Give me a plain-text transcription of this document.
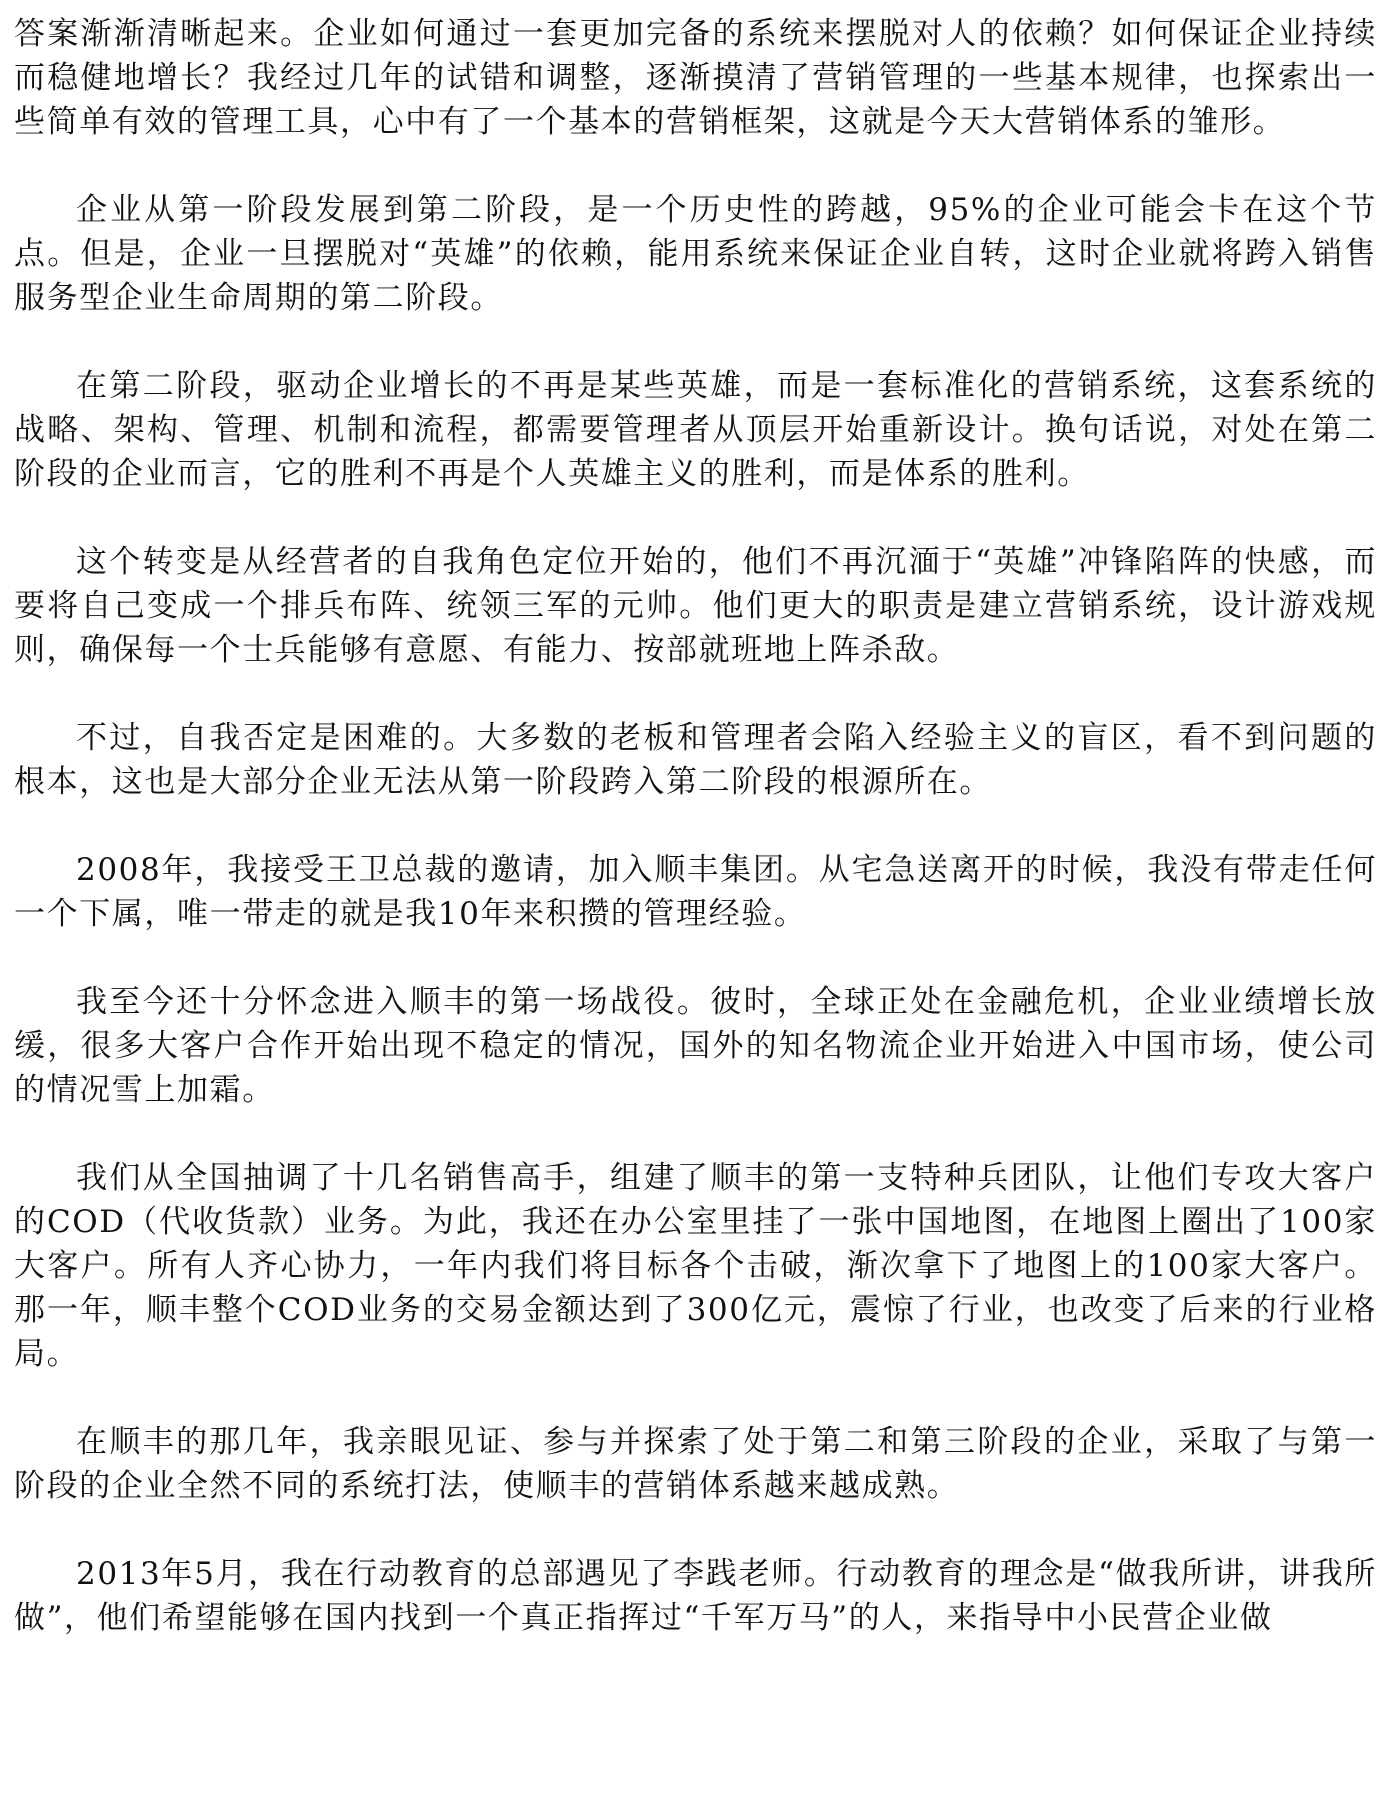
答案渐渐清晰起来。企业如何通过一套更加完备的系统来摆脱对人的依赖？如何保证企业持续而稳健地增长？我经过几年的试错和调整，逐渐摸清了营销管理的一些基本规律，也探索出一些简单有效的管理工具，心中有了一个基本的营销框架，这就是今天大营销体系的雏形。

企业从第一阶段发展到第二阶段，是一个历史性的跨越，95%的企业可能会卡在这个节点。但是，企业一旦摆脱对“英雄”的依赖，能用系统来保证企业自转，这时企业就将跨入销售服务型企业生命周期的第二阶段。

在第二阶段，驱动企业增长的不再是某些英雄，而是一套标准化的营销系统，这套系统的战略、架构、管理、机制和流程，都需要管理者从顶层开始重新设计。换句话说，对处在第二阶段的企业而言，它的胜利不再是个人英雄主义的胜利，而是体系的胜利。

这个转变是从经营者的自我角色定位开始的，他们不再沉湎于“英雄”冲锋陷阵的快感，而要将自己变成一个排兵布阵、统领三军的元帅。他们更大的职责是建立营销系统，设计游戏规则，确保每一个士兵能够有意愿、有能力、按部就班地上阵杀敌。

不过，自我否定是困难的。大多数的老板和管理者会陷入经验主义的盲区，看不到问题的根本，这也是大部分企业无法从第一阶段跨入第二阶段的根源所在。

2008年，我接受王卫总裁的邀请，加入顺丰集团。从宅急送离开的时候，我没有带走任何一个下属，唯一带走的就是我10年来积攒的管理经验。

我至今还十分怀念进入顺丰的第一场战役。彼时，全球正处在金融危机，企业业绩增长放缓，很多大客户合作开始出现不稳定的情况，国外的知名物流企业开始进入中国市场，使公司的情况雪上加霜。

我们从全国抽调了十几名销售高手，组建了顺丰的第一支特种兵团队，让他们专攻大客户的COD（代收货款）业务。为此，我还在办公室里挂了一张中国地图，在地图上圈出了100家大客户。所有人齐心协力，一年内我们将目标各个击破，渐次拿下了地图上的100家大客户。那一年，顺丰整个COD业务的交易金额达到了300亿元，震惊了行业，也改变了后来的行业格局。

在顺丰的那几年，我亲眼见证、参与并探索了处于第二和第三阶段的企业，采取了与第一阶段的企业全然不同的系统打法，使顺丰的营销体系越来越成熟。

2013年5月，我在行动教育的总部遇见了李践老师。行动教育的理念是“做我所讲，讲我所做”，他们希望能够在国内找到一个真正指挥过“千军万马”的人，来指导中小民营企业做
